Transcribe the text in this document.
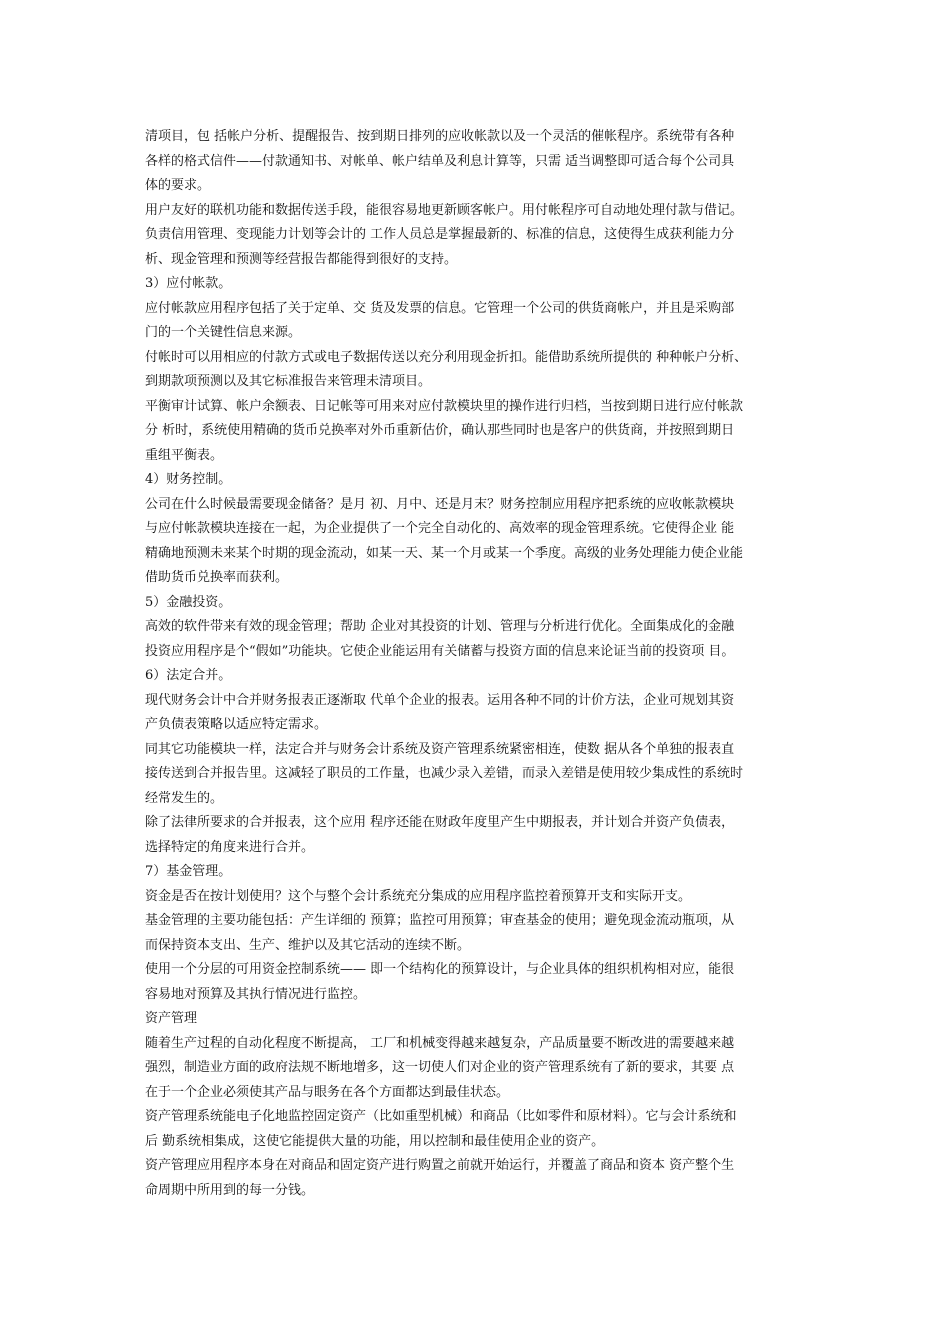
清项目，包 括帐户分析、提醒报告、按到期日排列的应收帐款以及一个灵活的催帐程序。系统带有各种
各样的格式信件——付款通知书、对帐单、帐户结单及利息计算等，只需 适当调整即可适合每个公司具
体的要求。
用户友好的联机功能和数据传送手段，能很容易地更新顾客帐户。用付帐程序可自动地处理付款与借记。
负责信用管理、变现能力计划等会计的 工作人员总是掌握最新的、标准的信息，这使得生成获利能力分
析、现金管理和预测等经营报告都能得到很好的支持。
3）应付帐款。
应付帐款应用程序包括了关于定单、交 货及发票的信息。它管理一个公司的供货商帐户，并且是采购部
门的一个关键性信息来源。
付帐时可以用相应的付款方式或电子数据传送以充分利用现金折扣。能借助系统所提供的 种种帐户分析、
到期款项预测以及其它标准报告来管理未清项目。
平衡审计试算、帐户余额表、日记帐等可用来对应付款模块里的操作进行归档，当按到期日进行应付帐款
分 析时，系统使用精确的货币兑换率对外币重新估价，确认那些同时也是客户的供货商，并按照到期日
重组平衡表。
4）财务控制。
公司在什么时候最需要现金储备？是月 初、月中、还是月末？财务控制应用程序把系统的应收帐款模块
与应付帐款模块连接在一起，为企业提供了一个完全自动化的、高效率的现金管理系统。它使得企业 能
精确地预测未来某个时期的现金流动，如某一天、某一个月或某一个季度。高级的业务处理能力使企业能
借助货币兑换率而获利。
5）金融投资。
高效的软件带来有效的现金管理；帮助 企业对其投资的计划、管理与分析进行优化。全面集成化的金融
投资应用程序是个“假如”功能块。它使企业能运用有关储蓄与投资方面的信息来论证当前的投资项 目。
6）法定合并。
现代财务会计中合并财务报表正逐渐取 代单个企业的报表。运用各种不同的计价方法，企业可规划其资
产负债表策略以适应特定需求。
同其它功能模块一样，法定合并与财务会计系统及资产管理系统紧密相连，使数 据从各个单独的报表直
接传送到合并报告里。这减轻了职员的工作量，也减少录入差错，而录入差错是使用较少集成性的系统时
经常发生的。
除了法律所要求的合并报表，这个应用 程序还能在财政年度里产生中期报表，并计划合并资产负债表，
选择特定的角度来进行合并。
7）基金管理。
资金是否在按计划使用？这个与整个会计系统充分集成的应用程序监控着预算开支和实际开支。
基金管理的主要功能包括：产生详细的 预算；监控可用预算；审查基金的使用；避免现金流动瓶项，从
而保持资本支出、生产、维护以及其它活动的连续不断。
使用一个分层的可用资金控制系统—— 即一个结构化的预算设计，与企业具体的组织机构相对应，能很
容易地对预算及其执行情况进行监控。
资产管理
随着生产过程的自动化程度不断提高， 工厂和机械变得越来越复杂，产品质量要不断改进的需要越来越
强烈，制造业方面的政府法规不断地增多，这一切使人们对企业的资产管理系统有了新的要求，其要 点
在于一个企业必须使其产品与眼务在各个方面都达到最佳状态。
资产管理系统能电子化地监控固定资产（比如重型机械）和商品（比如零件和原材料）。它与会计系统和
后 勤系统相集成，这使它能提供大量的功能，用以控制和最佳使用企业的资产。
资产管理应用程序本身在对商品和固定资产进行购置之前就开始运行，并覆盖了商品和资本 资产整个生
命周期中所用到的每一分钱。
